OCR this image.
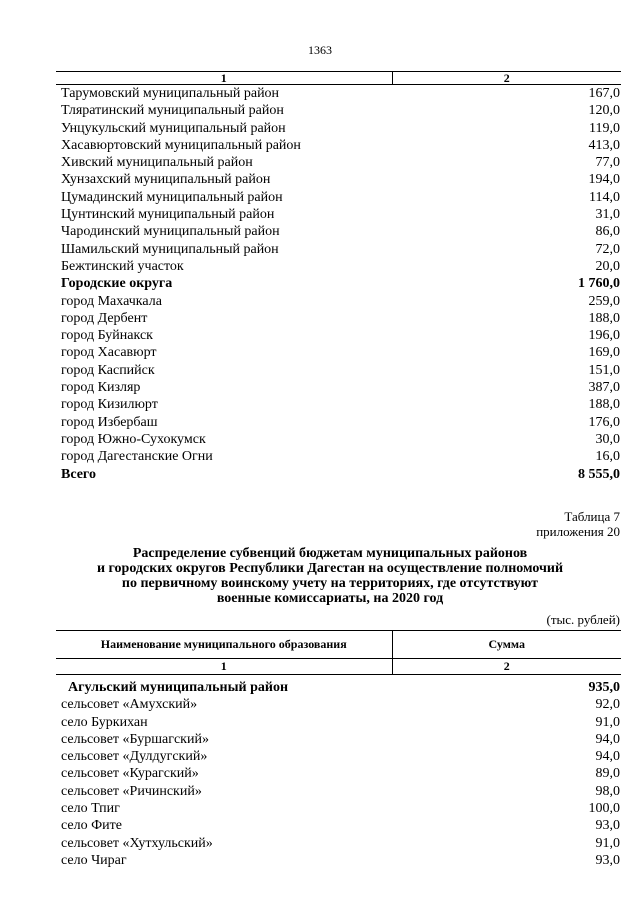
1363
1	2
Тарумовский муниципальный район	167,0
Тляратинский муниципальный район	120,0
Унцукульский муниципальный район	119,0
Хасавюртовский муниципальный район	413,0
Хивский муниципальный район	77,0
Хунзахский муниципальный район	194,0
Цумадинский муниципальный район	114,0
Цунтинский муниципальный район	31,0
Чародинский муниципальный район	86,0
Шамильский муниципальный район	72,0
Бежтинский участок	20,0
Городские округа	1 760,0
город Махачкала	259,0
город Дербент	188,0
город Буйнакск	196,0
город Хасавюрт	169,0
город Каспийск	151,0
город Кизляр	387,0
город Кизилюрт	188,0
город Избербаш	176,0
город Южно-Сухокумск	30,0
город Дагестанские Огни	16,0
Всего	8 555,0
Таблица 7
приложения 20
Распределение субвенций бюджетам муниципальных районов
и городских округов Республики Дагестан на осуществление полномочий
по первичному воинскому учету на территориях, где отсутствуют
военные комиссариаты, на 2020 год
(тыс. рублей)
Наименование муниципального образования	Сумма
1	2
Агульский муниципальный район	935,0
сельсовет «Амухский»	92,0
село Буркихан	91,0
сельсовет «Буршагский»	94,0
сельсовет «Дулдугский»	94,0
сельсовет «Курагский»	89,0
сельсовет «Ричинский»	98,0
село Тпиг	100,0
село Фите	93,0
сельсовет «Хутхульский»	91,0
село Чираг	93,0
